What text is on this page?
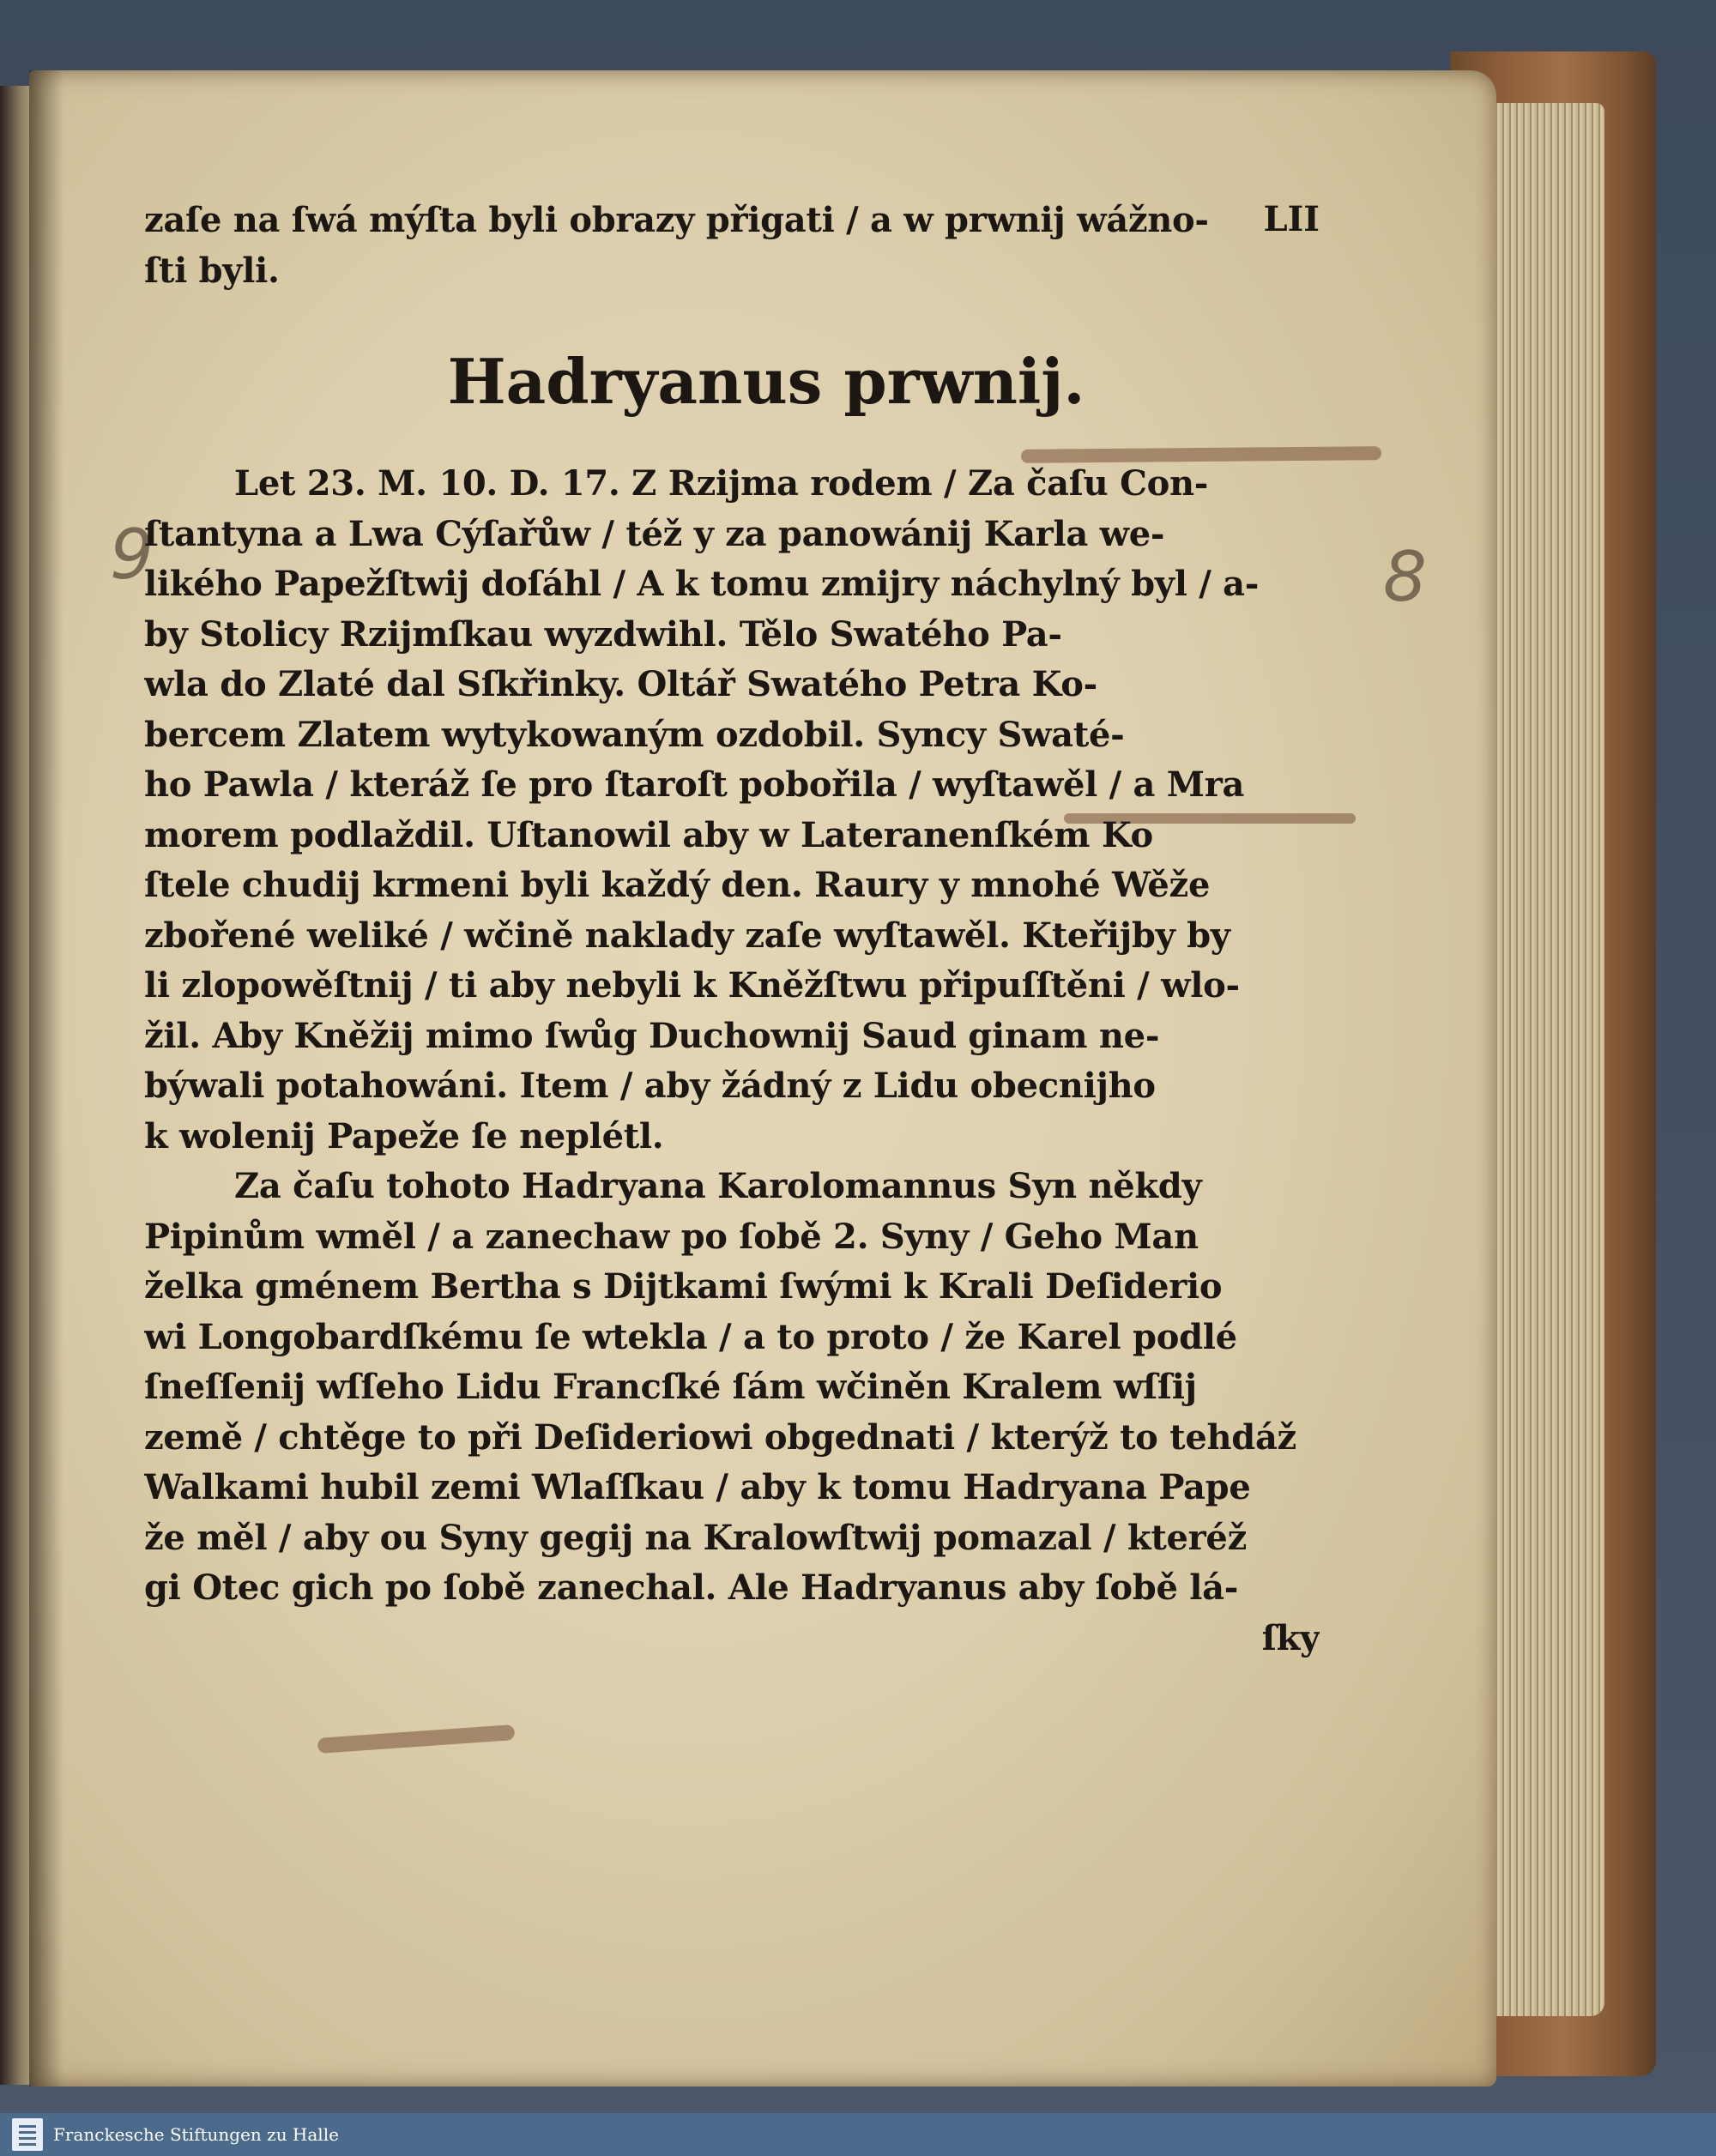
9	8
LII
zaſe na ſwá mýſta byli obrazy přigati / a w prwnij wážno-
ſti byli.
Hadryanus prwnij.
Let 23. M. 10. D. 17. Z Rzijma rodem / Za čaſu Con-
ſtantyna a Lwa Cýſařůw / též y za panowánij Karla we-
likého Papežſtwij doſáhl / A k tomu zmijry náchylný byl / a-
by Stolicy Rzijmſkau wyzdwihl. Tělo Swatého Pa-
wla do Zlaté dal Sſkřinky. Oltář Swatého Petra Ko-
bercem Zlatem wytykowaným ozdobil. Syncy Swaté-
ho Pawla / kteráž ſe pro ſtaroſt pobořila / wyſtawěl / a Mra
morem podlaždil. Uſtanowil aby w Lateranenſkém Ko
ſtele chudij krmeni byli každý den. Raury y mnohé Wěže
zbořené weliké / wčině naklady zaſe wyſtawěl. Kteřijby by
li zlopowěſtnij / ti aby nebyli k Kněžſtwu připuſſtěni / wlo-
žil. Aby Kněžij mimo ſwůg Duchownij Saud ginam ne-
býwali potahowáni. Item / aby žádný z Lidu obecnijho
k wolenij Papeže ſe neplétl.
Za čaſu tohoto Hadryana Karolomannus Syn někdy
Pipinům wměl / a zanechaw po ſobě 2. Syny / Geho Man
želka gménem Bertha s Dijtkami ſwými k Krali Deſiderio
wi Longobardſkému ſe wtekla / a to proto / že Karel podlé
ſneſſenij wſſeho Lidu Francſké ſám wčiněn Kralem wſſij
země / chtěge to při Deſideriowi obgednati / kterýž to tehdáž
Walkami hubil zemi Wlaſſkau / aby k tomu Hadryana Pape
že měl / aby ou Syny gegij na Kralowſtwij pomazal / kteréž
gi Otec gich po ſobě zanechal. Ale Hadryanus aby ſobě lá-
ſky
Franckesche Stiftungen zu Halle
